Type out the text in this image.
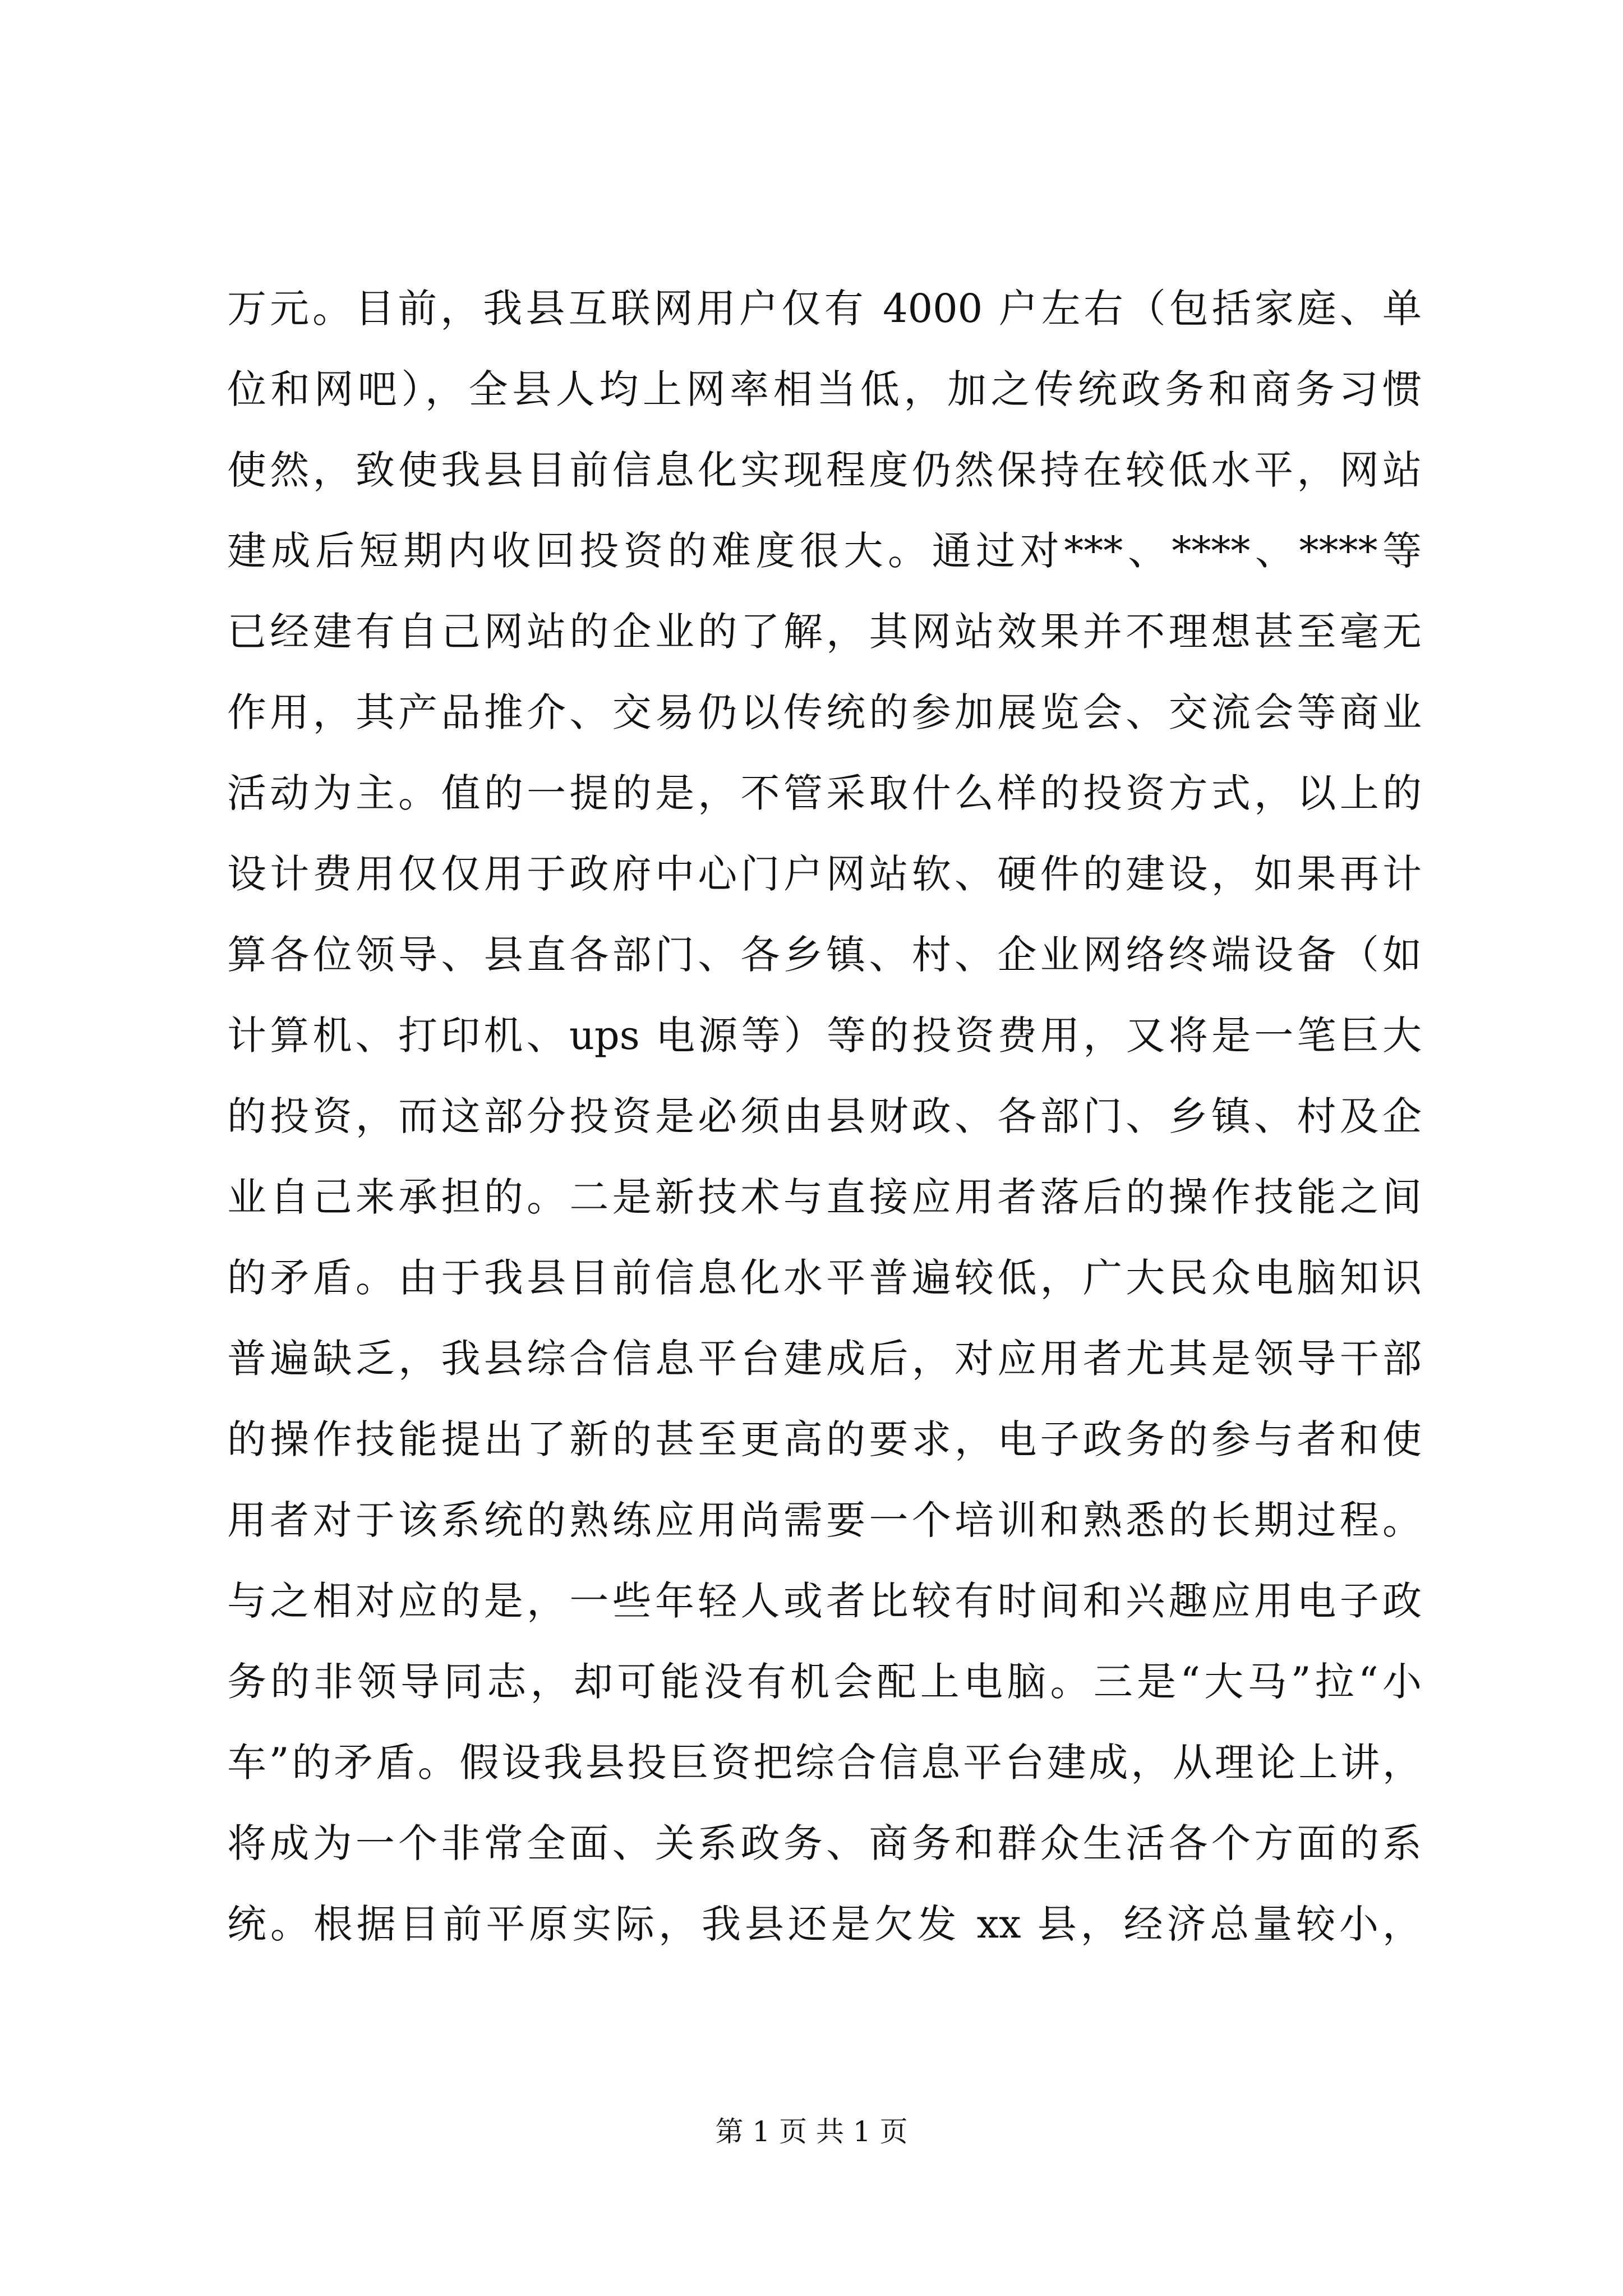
万元。目前，我县互联网用户仅有 4000 户左右（包括家庭、单
位和网吧），全县人均上网率相当低，加之传统政务和商务习惯
使然，致使我县目前信息化实现程度仍然保持在较低水平，网站
建成后短期内收回投资的难度很大。通过对***、****、****等
已经建有自己网站的企业的了解，其网站效果并不理想甚至毫无
作用，其产品推介、交易仍以传统的参加展览会、交流会等商业
活动为主。值的一提的是，不管采取什么样的投资方式，以上的
设计费用仅仅用于政府中心门户网站软、硬件的建设，如果再计
算各位领导、县直各部门、各乡镇、村、企业网络终端设备（如
计算机、打印机、ups 电源等）等的投资费用，又将是一笔巨大
的投资，而这部分投资是必须由县财政、各部门、乡镇、村及企
业自己来承担的。二是新技术与直接应用者落后的操作技能之间
的矛盾。由于我县目前信息化水平普遍较低，广大民众电脑知识
普遍缺乏，我县综合信息平台建成后，对应用者尤其是领导干部
的操作技能提出了新的甚至更高的要求，电子政务的参与者和使
用者对于该系统的熟练应用尚需要一个培训和熟悉的长期过程。
与之相对应的是，一些年轻人或者比较有时间和兴趣应用电子政
务的非领导同志，却可能没有机会配上电脑。三是“大马”拉“小
车”的矛盾。假设我县投巨资把综合信息平台建成，从理论上讲，
将成为一个非常全面、关系政务、商务和群众生活各个方面的系
统。根据目前平原实际，我县还是欠发 xx 县，经济总量较小，
第 1 页 共 1 页
